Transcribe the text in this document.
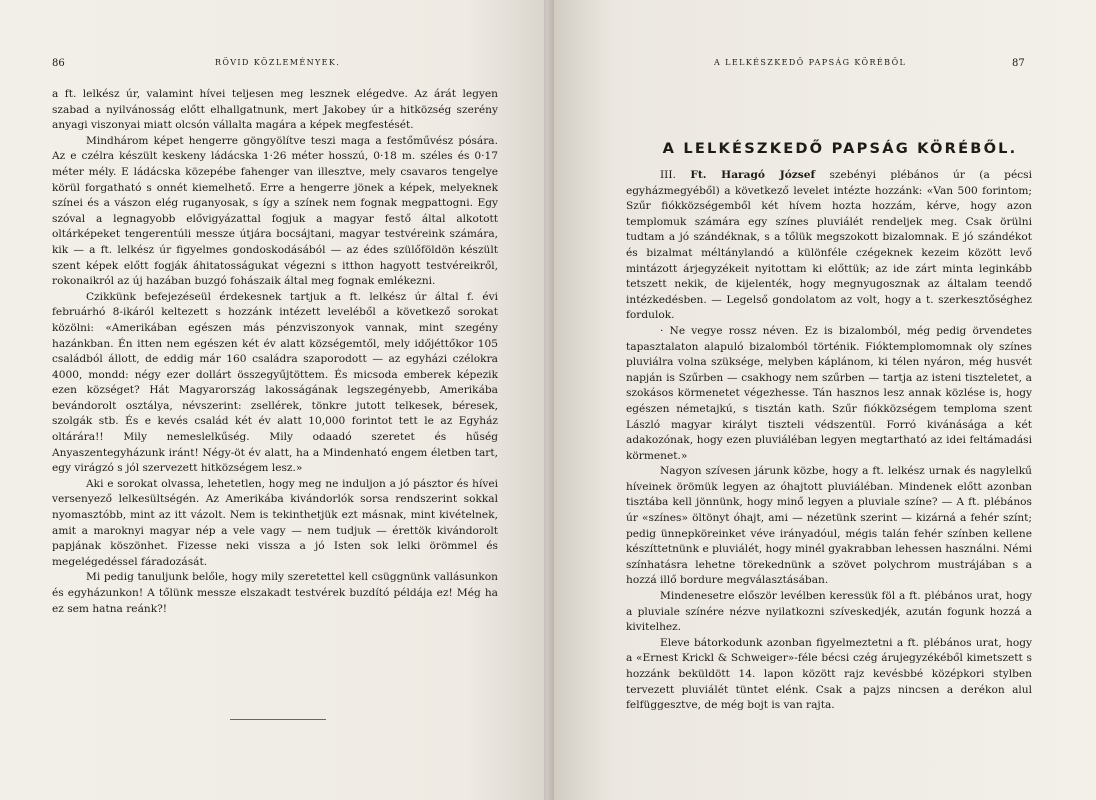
86	RÖVID KÖZLEMÉNYEK.

a ft. lelkész úr, valamint hívei teljesen meg lesznek elégedve. Az árát legyen szabad a nyilvánosság előtt elhallgatnunk, mert Jakobey úr a hitközség szerény anyagi viszonyai miatt olcsón vállalta magára a képek megfestését.

Mindhárom képet hengerre göngyölítve teszi maga a festőművész pósára. Az e czélra készült keskeny ládácska 1·26 méter hosszú, 0·18 m. széles és 0·17 méter mély. E ládácska közepébe fahenger van illesztve, mely csavaros tengelye körül forgatható s onnét kiemelhető. Erre a hengerre jönek a képek, melyeknek színei és a vászon elég ruganyosak, s így a színek nem fognak megpattogni. Egy szóval a legnagyobb elővigyázattal fogjuk a magyar festő által alkotott oltárképeket tengerentúli messze útjára bocsájtani, magyar testvéreink számára, kik — a ft. lelkész úr figyelmes gondoskodásából — az édes szülőföldön készült szent képek előtt fogják áhitatosságukat végezni s itthon hagyott testvéreikről, rokonaikról az új hazában buzgó fohászaik által meg fognak emlékezni.

Czikkünk befejezéseül érdekesnek tartjuk a ft. lelkész úr által f. évi februárhó 8-ikáról keltezett s hozzánk intézett leveléből a következő sorokat közölni: «Amerikában egészen más pénzviszonyok vannak, mint szegény hazánkban. Én itten nem egészen két év alatt községemtől, mely időjéttőkor 105 családból állott, de eddig már 160 családra szaporodott — az egyházi czélokra 4000, mondd: négy ezer dollárt összegyűjtöttem. És micsoda emberek képezik ezen községet? Hát Magyarország lakosságának legszegényebb, Amerikába bevándorolt osztálya, névszerint: zsellérek, tönkre jutott telkesek, béresek, szolgák stb. És e kevés család két év alatt 10,000 forintot tett le az Egyház oltárára!! Mily nemeslelkűség. Mily odaadó szeretet és hűség Anyaszentegyházunk iránt! Négy-öt év alatt, ha a Mindenható engem életben tart, egy virágzó s jól szervezett hitközségem lesz.»

Aki e sorokat olvassa, lehetetlen, hogy meg ne induljon a jó pásztor és hívei versenyező lelkesültségén. Az Amerikába kivándorlók sorsa rendszerint sokkal nyomasztóbb, mint az itt vázolt. Nem is tekinthetjük ezt másnak, mint kivételnek, amit a maroknyi magyar nép a vele vagy — nem tudjuk — érettök kivándorolt papjának köszönhet. Fizesse neki vissza a jó Isten sok lelki örömmel és megelégedéssel fáradozását.

Mi pedig tanuljunk belőle, hogy mily szeretettel kell csüggnünk vallásunkon és egyházunkon! A tőlünk messze elszakadt testvérek buzdító példája ez! Még ha ez sem hatna reánk?!

A LELKÉSZKEDŐ PAPSÁG KÖRÉBŐL	87
A LELKÉSZKEDŐ PAPSÁG KÖRÉBŐL.

III. Ft. Haragó József szebényi plébános úr (a pécsi egyházmegyéből) a következő levelet intézte hozzánk: «Van 500 forintom; Szűr fiókközségemből két hívem hozta hozzám, kérve, hogy azon templomuk számára egy színes pluviálét rendeljek meg. Csak örülni tudtam a jó szándéknak, s a tőlük megszokott bizalomnak. E jó szándékot és bizalmat méltánylandó a különféle czégeknek kezeim között levő mintázott árjegyzékeit nyitottam ki előttük; az ide zárt minta leginkább tetszett nekik, de kijelenték, hogy megnyugosznak az általam teendő intézkedésben. — Legelső gondolatom az volt, hogy a t. szerkesztőséghez fordulok.

· Ne vegye rossz néven. Ez is bizalomból, még pedig örvendetes tapasztalaton alapuló bizalomból történik. Fióktemplomomnak oly színes pluviálra volna szüksége, melyben káplánom, ki télen nyáron, még husvét napján is Szűrben — csakhogy nem szűrben — tartja az isteni tiszteletet, a szokásos körmenetet végezhesse. Tán hasznos lesz annak közlése is, hogy egészen németajkú, s tisztán kath. Szűr fiókközségem temploma szent László magyar királyt tiszteli védszentül. Forró kivánásága a két adakozónak, hogy ezen pluviáléban legyen megtartható az idei feltámadási körmenet.»

Nagyon szívesen járunk közbe, hogy a ft. lelkész urnak és nagylelkű híveinek örömük legyen az óhajtott pluviáléban. Mindenek előtt azonban tisztába kell jönnünk, hogy minő legyen a pluviale színe? — A ft. plébános úr «színes» öltönyt óhajt, ami — nézetünk szerint — kizárná a fehér színt; pedig ünnepköreinket véve irányadóul, mégis talán fehér színben kellene készíttetnünk e pluviálét, hogy minél gyakrabban lehessen használni. Némi színhatásra lehetne törekednünk a szövet polychrom mustrájában s a hozzá illő bordure megválasztásában.

Mindenesetre először levélben keressük föl a ft. plébános urat, hogy a pluviale színére nézve nyilatkozni szíveskedjék, azután fogunk hozzá a kivitelhez.

Eleve bátorkodunk azonban figyelmeztetni a ft. plébános urat, hogy a «Ernest Krickl & Schweiger»-féle bécsi czég árujegyzékéből kimetszett s hozzánk beküldött 14. lapon között rajz kevésbbé középkori stylben tervezett pluviálét tüntet elénk. Csak a pajzs nincsen a derékon alul felfüggesztve, de még bojt is van rajta.
